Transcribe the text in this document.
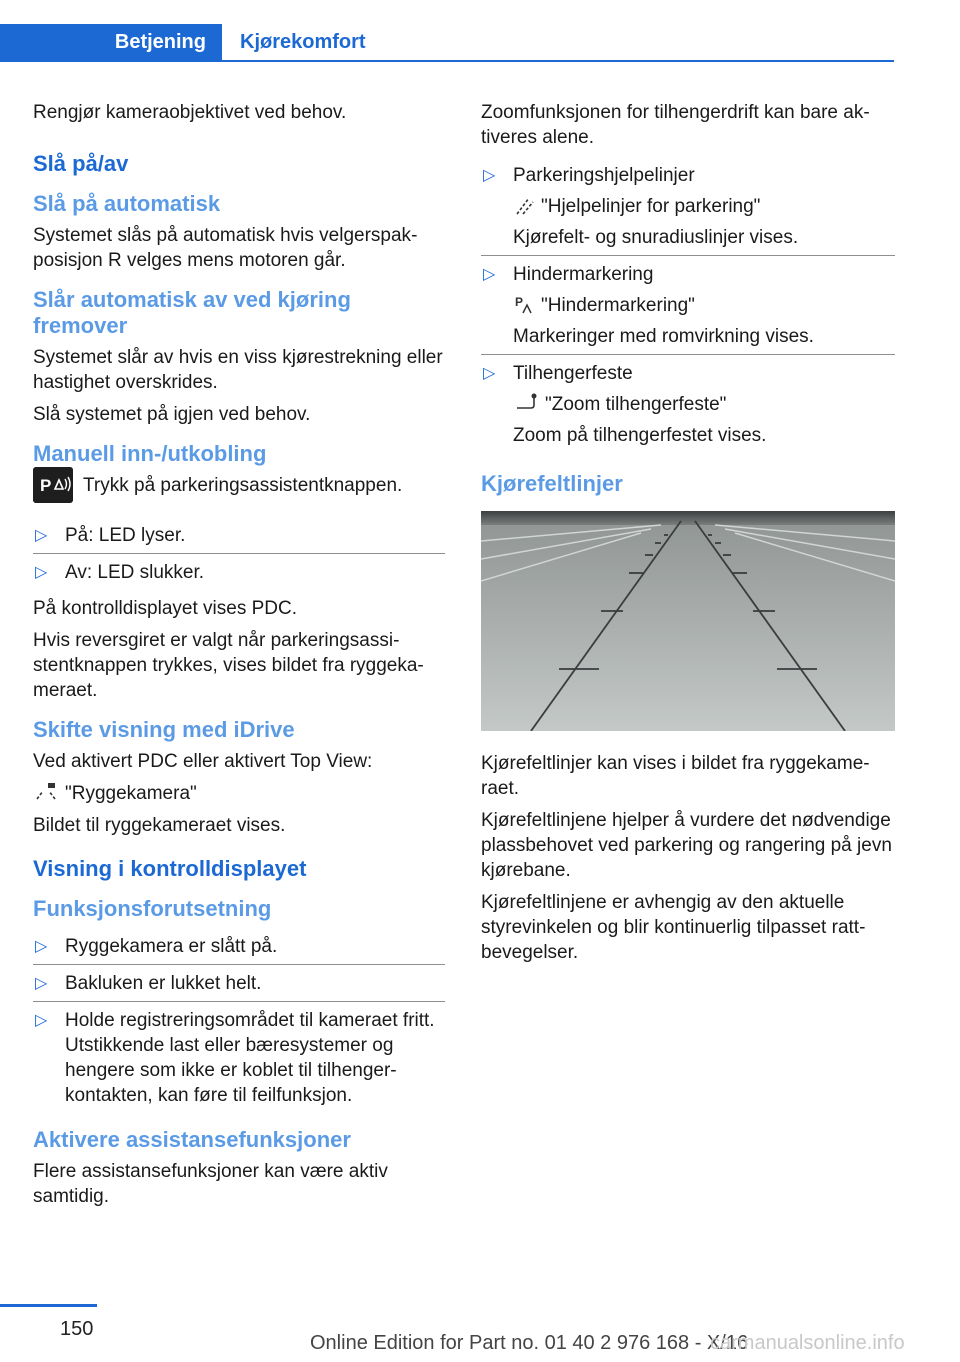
Betjening	Kjørekomfort

Rengjør kameraobjektivet ved behov.

Slå på/av
Slå på automatisk

Systemet slås på automatisk hvis velgerspakposisjon R velges mens motoren går.

Slår automatisk av ved kjøring fremover

Systemet slår av hvis en viss kjørestrekning eller hastighet overskrides.

Slå systemet på igjen ved behov.

Manuell inn-/utkobling
P Trykk på parkeringsassistentknappen.

▷ På: LED lyser.
▷ Av: LED slukker.

På kontrolldisplayet vises PDC.

Hvis reversgiret er valgt når parkeringsassistentknappen trykkes, vises bildet fra ryggekameraet.

Skifte visning med iDrive

Ved aktivert PDC eller aktivert Top View:

"Ryggekamera"

Bildet til ryggekameraet vises.

Visning i kontrolldisplayet
Funksjonsforutsetning
▷ Ryggekamera er slått på.
▷ Bakluken er lukket helt.
▷ Holde registreringsområdet til kameraet fritt. Utstikkende last eller bæresystemer og hengere som ikke er koblet til tilhengerkontakten, kan føre til feilfunksjon.
Aktivere assistansefunksjoner

Flere assistansefunksjoner kan være aktiv samtidig.

Zoomfunksjonen for tilhengerdrift kan bare aktiveres alene.

▷ Parkeringshjelpelinjer
"Hjelpelinjer for parkering"
Kjørefelt- og snuradiuslinjer vises.
▷ Hindermarkering
P "Hindermarkering"
Markeringer med romvirkning vises.
▷ Tilhengerfeste
"Zoom tilhengerfeste"
Zoom på tilhengerfestet vises.
Kjørefeltlinjer

Kjørefeltlinjer kan vises i bildet fra ryggekameraet.

Kjørefeltlinjene hjelper å vurdere det nødvendige plassbehovet ved parkering og rangering på jevn kjørebane.

Kjørefeltlinjene er avhengig av den aktuelle styrevinkelen og blir kontinuerlig tilpasset rattbevegelser.

150
Online Edition for Part no. 01 40 2 976 168 - X/16
carmanualsonline.info
